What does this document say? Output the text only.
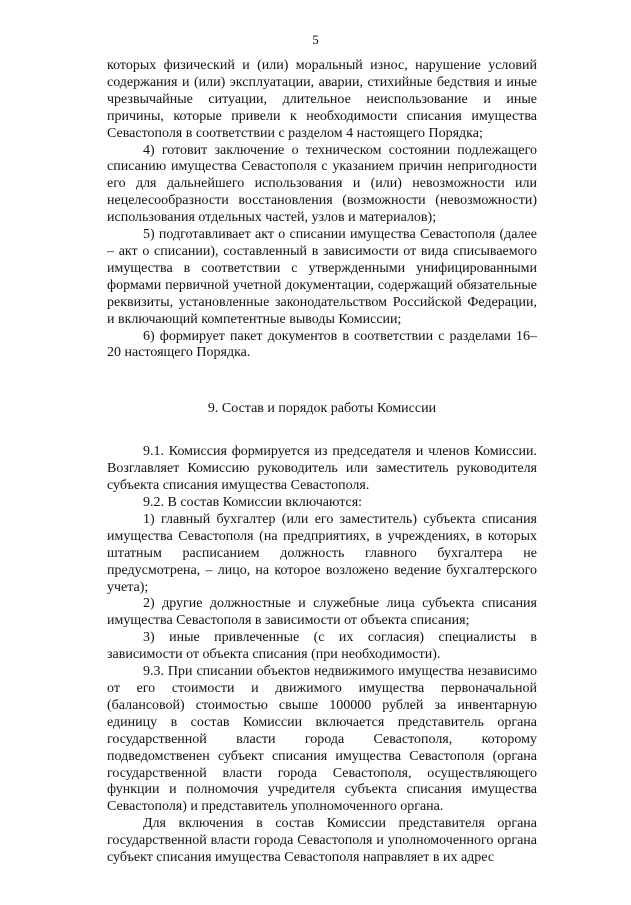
5

которых физический и (или) моральный износ, нарушение условий содержания и (или) эксплуатации, аварии, стихийные бедствия и иные чрезвычайные ситуации, длительное неиспользование и иные причины, которые привели к необходимости списания имущества Севастополя в соответствии с разделом 4 настоящего Порядка;

4) готовит заключение о техническом состоянии подлежащего списанию имущества Севастополя с указанием причин непригодности его для дальнейшего использования и (или) невозможности или нецелесообразности восстановления (возможности (невозможности) использования отдельных частей, узлов и материалов);

5) подготавливает акт о списании имущества Севастополя (далее – акт о списании), составленный в зависимости от вида списываемого имущества в соответствии с утвержденными унифицированными формами первичной учетной документации, содержащий обязательные реквизиты, установленные законодательством Российской Федерации, и включающий компетентные выводы Комиссии;

6) формирует пакет документов в соответствии с разделами 16–20 настоящего Порядка.

9. Состав и порядок работы Комиссии

9.1. Комиссия формируется из председателя и членов Комиссии. Возглавляет Комиссию руководитель или заместитель руководителя субъекта списания имущества Севастополя.

9.2. В состав Комиссии включаются:

1) главный бухгалтер (или его заместитель) субъекта списания имущества Севастополя (на предприятиях, в учреждениях, в которых штатным расписанием должность главного бухгалтера не предусмотрена, – лицо, на которое возложено ведение бухгалтерского учета);

2) другие должностные и служебные лица субъекта списания имущества Севастополя в зависимости от объекта списания;

3) иные привлеченные (с их согласия) специалисты в зависимости от объекта списания (при необходимости).

9.3. При списании объектов недвижимого имущества независимо от его стоимости и движимого имущества первоначальной (балансовой) стоимостью свыше 100000 рублей за инвентарную единицу в состав Комиссии включается представитель органа государственной власти города Севастополя, которому подведомственен субъект списания имущества Севастополя (органа государственной власти города Севастополя, осуществляющего функции и полномочия учредителя субъекта списания имущества Севастополя) и представитель уполномоченного органа.

Для включения в состав Комиссии представителя органа государственной власти города Севастополя и уполномоченного органа субъект списания имущества Севастополя направляет в их адрес
